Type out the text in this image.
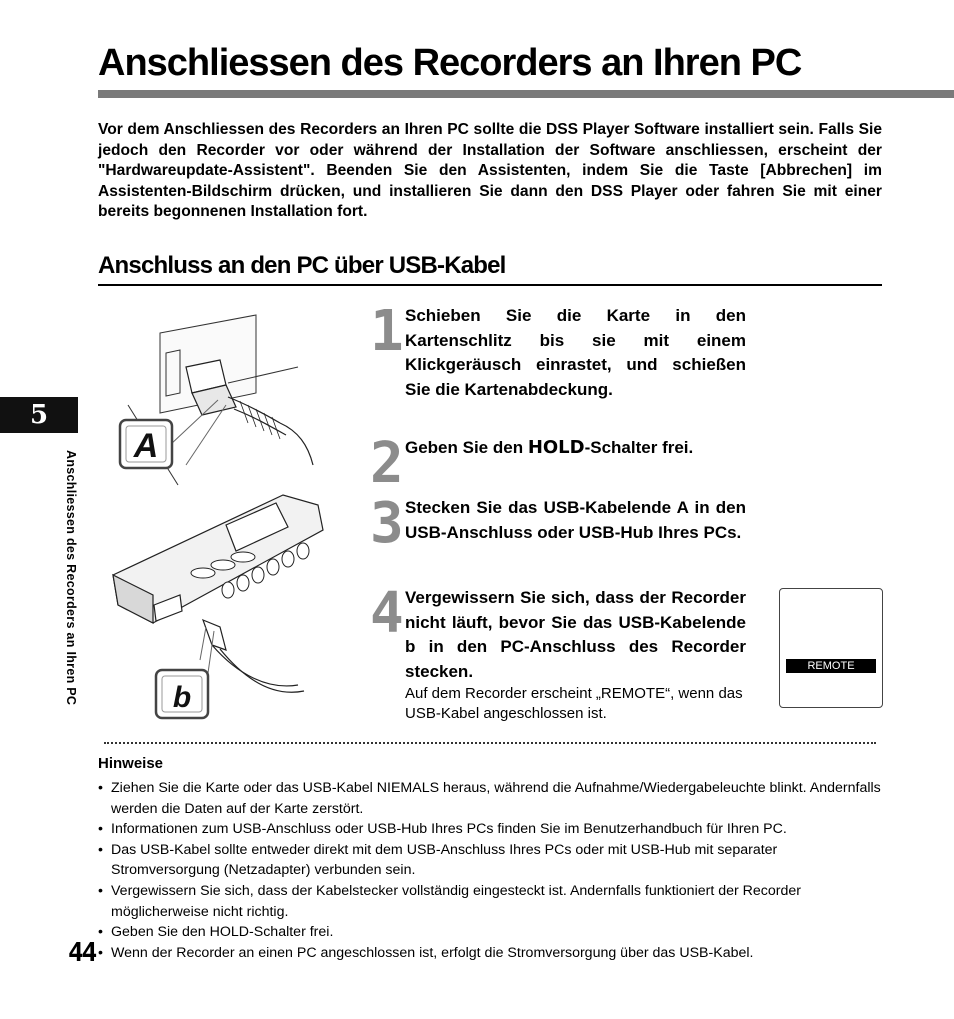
Anschliessen des Recorders an Ihren PC

Vor dem Anschliessen des Recorders an Ihren PC sollte die DSS Player Software installiert sein. Falls Sie jedoch den Recorder vor oder während der Installation der Software anschliessen, erscheint der "Hardwareupdate-Assistent". Beenden Sie den Assistenten, indem Sie die Taste [Abbrechen] im Assistenten-Bildschirm drücken, und installieren Sie dann den DSS Player oder fahren Sie mit einer bereits begonnenen Installation fort.

Anschluss an den PC über USB-Kabel
5
Anschliessen des Recorders an Ihren PC
A
b
1 Schieben Sie die Karte in den Kartenschlitz bis sie mit einem Klickgeräusch einrastet, und schießen Sie die Kartenabdeckung.
2 Geben Sie den HOLD-Schalter frei.
3 Stecken Sie das USB-Kabelende A in den USB-Anschluss oder USB-Hub Ihres PCs.
4 Vergewissern Sie sich, dass der Recorder nicht läuft, bevor Sie das USB-Kabelende b in den PC-Anschluss des Recorder stecken.
Auf dem Recorder erscheint „REMOTE“, wenn das USB-Kabel angeschlossen ist.
REMOTE
Hinweise
• Ziehen Sie die Karte oder das USB-Kabel NIEMALS heraus, während die Aufnahme/Wiedergabeleuchte blinkt. Andernfalls werden die Daten auf der Karte zerstört.
• Informationen zum USB-Anschluss oder USB-Hub Ihres PCs finden Sie im Benutzerhandbuch für Ihren PC.
• Das USB-Kabel sollte entweder direkt mit dem USB-Anschluss Ihres PCs oder mit USB-Hub mit separater Stromversorgung (Netzadapter) verbunden sein.
• Vergewissern Sie sich, dass der Kabelstecker vollständig eingesteckt ist. Andernfalls funktioniert der Recorder möglicherweise nicht richtig.
• Geben Sie den HOLD-Schalter frei.
• Wenn der Recorder an einen PC angeschlossen ist, erfolgt die Stromversorgung über das USB-Kabel.
44
